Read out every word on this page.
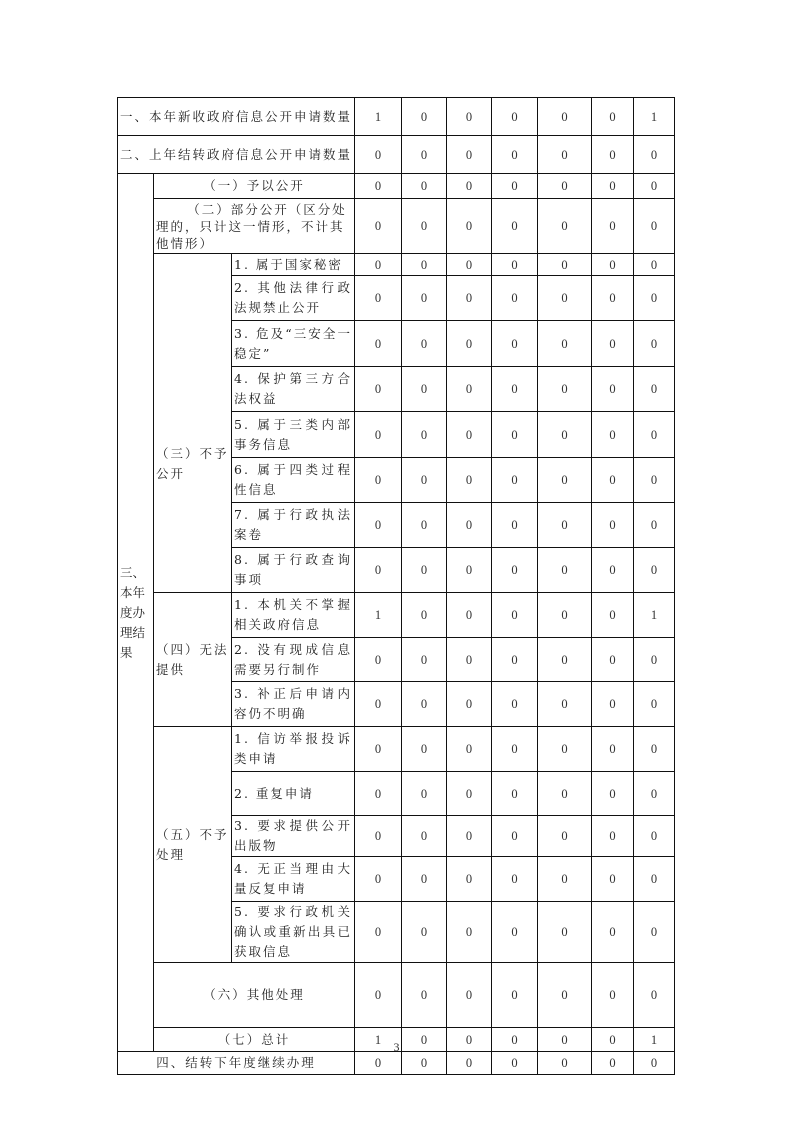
一、本年新收政府信息公开申请数量			1	0	0	0	0	0	1
二、上年结转政府信息公开申请数量			0	0	0	0	0	0	0
三、本年度办理结果	（一）予以公开		0	0	0	0	0	0	0
	（二）部分公开（区分处理的，只计这一情形，不计其他情形）		0	0	0	0	0	0	0
	（三）不予公开	1. 属于国家秘密	0	0	0	0	0	0	0
		2. 其他法律行政法规禁止公开	0	0	0	0	0	0	0
		3. 危及“三安全一稳定”	0	0	0	0	0	0	0
		4. 保护第三方合法权益	0	0	0	0	0	0	0
		5. 属于三类内部事务信息	0	0	0	0	0	0	0
		6. 属于四类过程性信息	0	0	0	0	0	0	0
		7. 属于行政执法案卷	0	0	0	0	0	0	0
		8. 属于行政查询事项	0	0	0	0	0	0	0
	（四）无法提供	1. 本机关不掌握相关政府信息	1	0	0	0	0	0	1
		2. 没有现成信息需要另行制作	0	0	0	0	0	0	0
		3. 补正后申请内容仍不明确	0	0	0	0	0	0	0
	（五）不予处理	1. 信访举报投诉类申请	0	0	0	0	0	0	0
		2. 重复申请	0	0	0	0	0	0	0
		3. 要求提供公开出版物	0	0	0	0	0	0	0
		4. 无正当理由大量反复申请	0	0	0	0	0	0	0
		5. 要求行政机关确认或重新出具已获取信息	0	0	0	0	0	0	0
	（六）其他处理		0	0	0	0	0	0	0
	（七）总计		1	0	0	0	0	0	1
四、结转下年度继续办理			0	0	0	0	0	0	0
3
